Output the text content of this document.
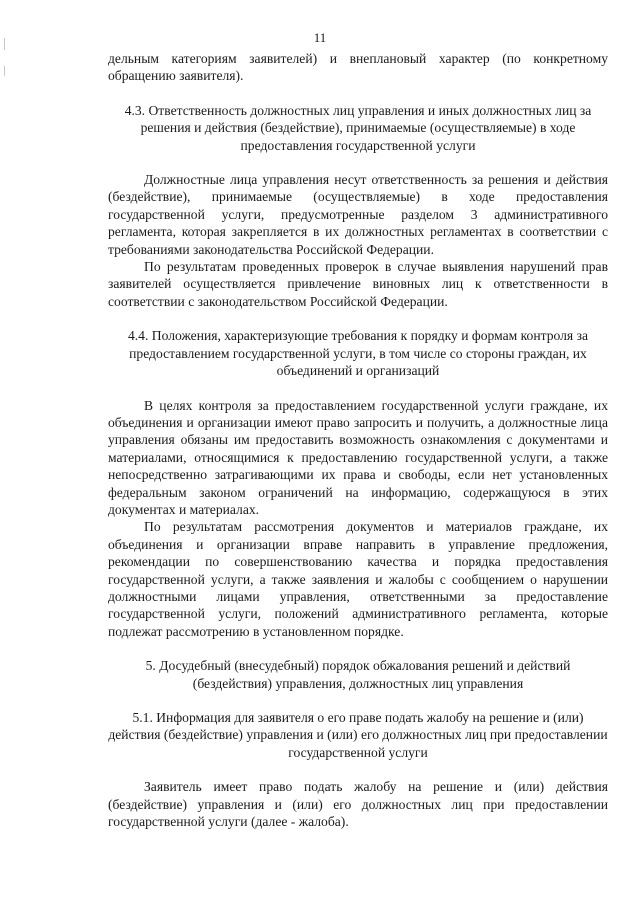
11

дельным категориям заявителей) и внеплановый характер (по конкретному обращению заявителя).

4.3. Ответственность должностных лиц управления и иных должностных лиц за решения и действия (бездействие), принимаемые (осуществляемые) в ходе предоставления государственной услуги

Должностные лица управления несут ответственность за решения и действия (бездействие), принимаемые (осуществляемые) в ходе предоставления государственной услуги, предусмотренные разделом 3 административного регламента, которая закрепляется в их должностных регламентах в соответствии с требованиями законодательства Российской Федерации.

По результатам проведенных проверок в случае выявления нарушений прав заявителей осуществляется привлечение виновных лиц к ответственности в соответствии с законодательством Российской Федерации.

4.4. Положения, характеризующие требования к порядку и формам контроля за предоставлением государственной услуги, в том числе со стороны граждан, их объединений и организаций

В целях контроля за предоставлением государственной услуги граждане, их объединения и организации имеют право запросить и получить, а должностные лица управления обязаны им предоставить возможность ознакомления с документами и материалами, относящимися к предоставлению государственной услуги, а также непосредственно затрагивающими их права и свободы, если нет установленных федеральным законом ограничений на информацию, содержащуюся в этих документах и материалах.

По результатам рассмотрения документов и материалов граждане, их объединения и организации вправе направить в управление предложения, рекомендации по совершенствованию качества и порядка предоставления государственной услуги, а также заявления и жалобы с сообщением о нарушении должностными лицами управления, ответственными за предоставление государственной услуги, положений административного регламента, которые подлежат рассмотрению в установленном порядке.

5. Досудебный (внесудебный) порядок обжалования решений и действий (бездействия) управления, должностных лиц управления

5.1. Информация для заявителя о его праве подать жалобу на решение и (или) действия (бездействие) управления и (или) его должностных лиц при предоставлении государственной услуги

Заявитель имеет право подать жалобу на решение и (или) действия (бездействие) управления и (или) его должностных лиц при предоставлении государственной услуги (далее - жалоба).
